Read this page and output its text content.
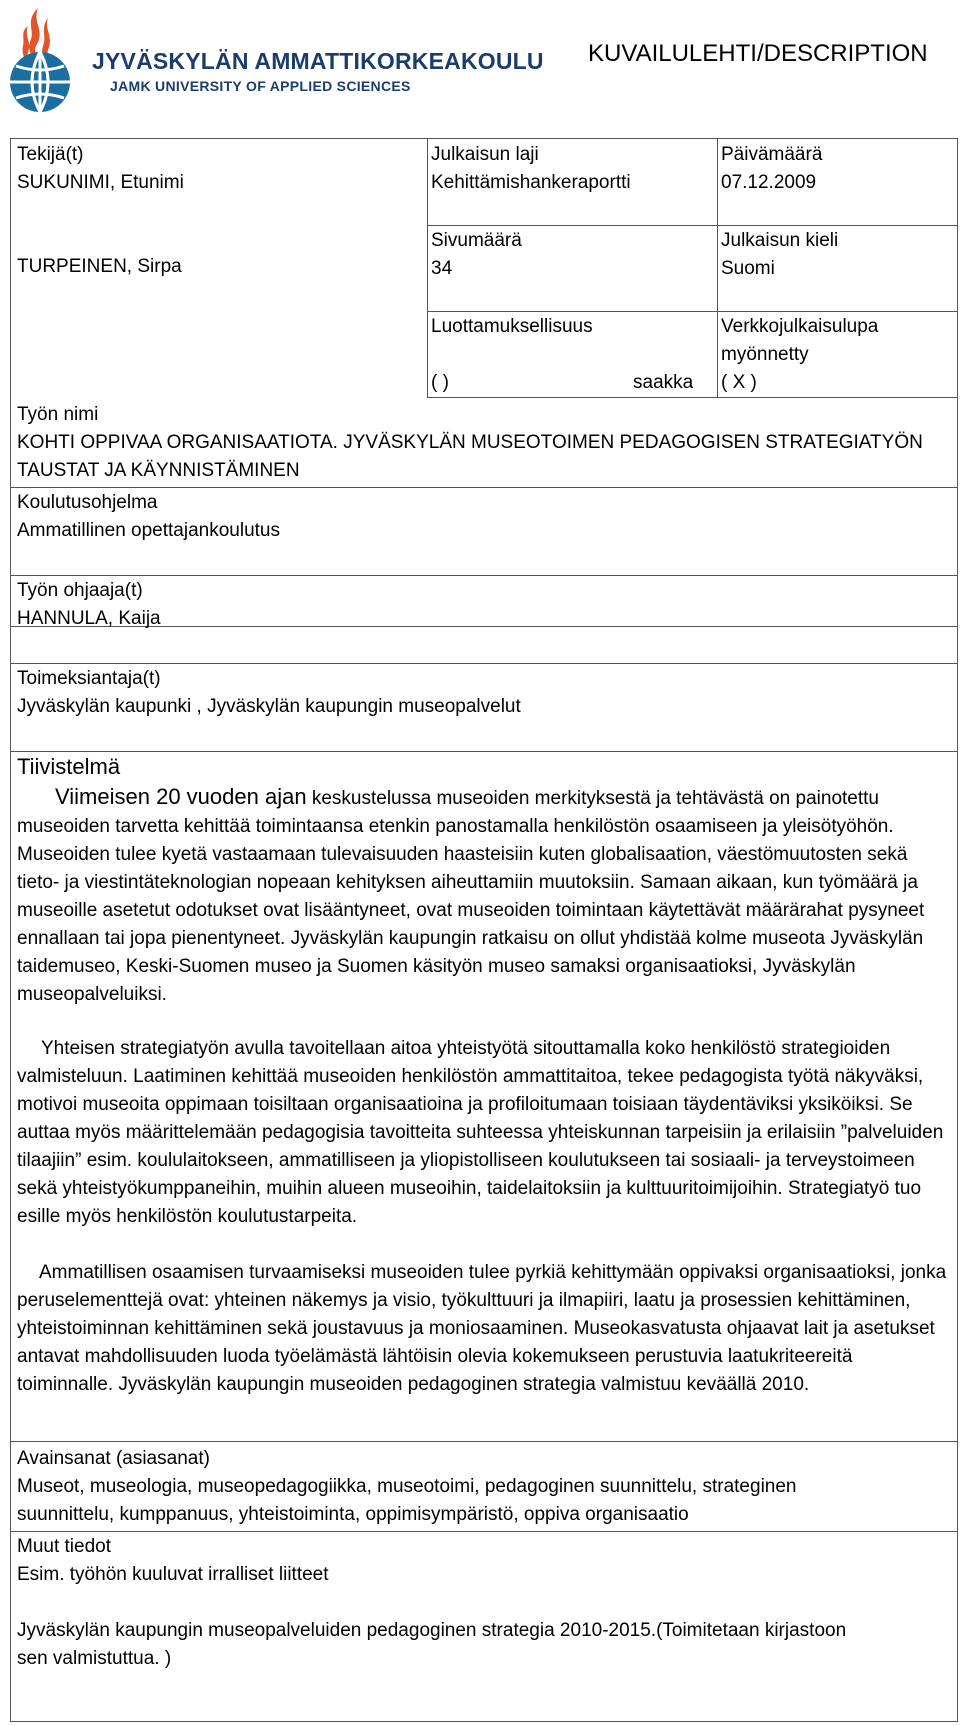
JYVÄSKYLÄN AMMATTIKORKEAKOULU
JAMK UNIVERSITY OF APPLIED SCIENCES
KUVAILULEHTI/DESCRIPTION
Tekijä(t)
SUKUNIMI, Etunimi
TURPEINEN, Sirpa
Julkaisun laji
Kehittämishankeraportti
Sivumäärä
34
Luottamuksellisuus
( )	saakka
Päivämäärä
07.12.2009
Julkaisun kieli
Suomi
Verkkojulkaisulupa
myönnetty
( X )
Työn nimi
KOHTI OPPIVAA ORGANISAATIOTA. JYVÄSKYLÄN MUSEOTOIMEN PEDAGOGISEN STRATEGIATYÖN
TAUSTAT JA KÄYNNISTÄMINEN
Koulutusohjelma
Ammatillinen opettajankoulutus
Työn ohjaaja(t)
HANNULA, Kaija
Toimeksiantaja(t)
Jyväskylän kaupunki , Jyväskylän kaupungin museopalvelut
Tiivistelmä
Viimeisen 20 vuoden ajan keskustelussa museoiden merkityksestä ja tehtävästä on painotettu museoiden tarvetta kehittää toimintaansa etenkin panostamalla henkilöstön osaamiseen ja yleisötyöhön. Museoiden tulee kyetä vastaamaan tulevaisuuden haasteisiin kuten globalisaation, väestömuutosten sekä tieto- ja viestintäteknologian nopeaan kehityksen aiheuttamiin muutoksiin. Samaan aikaan, kun työmäärä ja museoille asetetut odotukset ovat lisääntyneet, ovat museoiden toimintaan käytettävät määrärahat pysyneet ennallaan tai jopa pienentyneet. Jyväskylän kaupungin ratkaisu on ollut yhdistää kolme museota Jyväskylän taidemuseo, Keski-Suomen museo ja Suomen käsityön museo samaksi organisaatioksi, Jyväskylän museopalveluiksi.
Yhteisen strategiatyön avulla tavoitellaan aitoa yhteistyötä sitouttamalla koko henkilöstö strategioiden valmisteluun. Laatiminen kehittää museoiden henkilöstön ammattitaitoa, tekee pedagogista työtä näkyväksi, motivoi museoita oppimaan toisiltaan organisaatioina ja profiloitumaan toisiaan täydentäviksi yksiköiksi. Se auttaa myös määrittelemään pedagogisia tavoitteita suhteessa yhteiskunnan tarpeisiin ja erilaisiin ”palveluiden tilaajiin” esim. koululaitokseen, ammatilliseen ja yliopistolliseen koulutukseen tai sosiaali- ja terveystoimeen sekä yhteistyökumppaneihin, muihin alueen museoihin, taidelaitoksiin ja kulttuuritoimijoihin. Strategiatyö tuo esille myös henkilöstön koulutustarpeita.
Ammatillisen osaamisen turvaamiseksi museoiden tulee pyrkiä kehittymään oppivaksi organisaatioksi, jonka peruselementtejä ovat: yhteinen näkemys ja visio, työkulttuuri ja ilmapiiri, laatu ja prosessien kehittäminen, yhteistoiminnan kehittäminen sekä joustavuus ja moniosaaminen. Museokasvatusta ohjaavat lait ja asetukset antavat mahdollisuuden luoda työelämästä lähtöisin olevia kokemukseen perustuvia laatukriteereitä toiminnalle. Jyväskylän kaupungin museoiden pedagoginen strategia valmistuu keväällä 2010.
Avainsanat (asiasanat)
Museot, museologia, museopedagogiikka, museotoimi, pedagoginen suunnittelu, strateginen
suunnittelu, kumppanuus, yhteistoiminta, oppimisympäristö, oppiva organisaatio
Muut tiedot
Esim. työhön kuuluvat irralliset liitteet
Jyväskylän kaupungin museopalveluiden pedagoginen strategia 2010-2015.(Toimitetaan kirjastoon
sen valmistuttua. )
